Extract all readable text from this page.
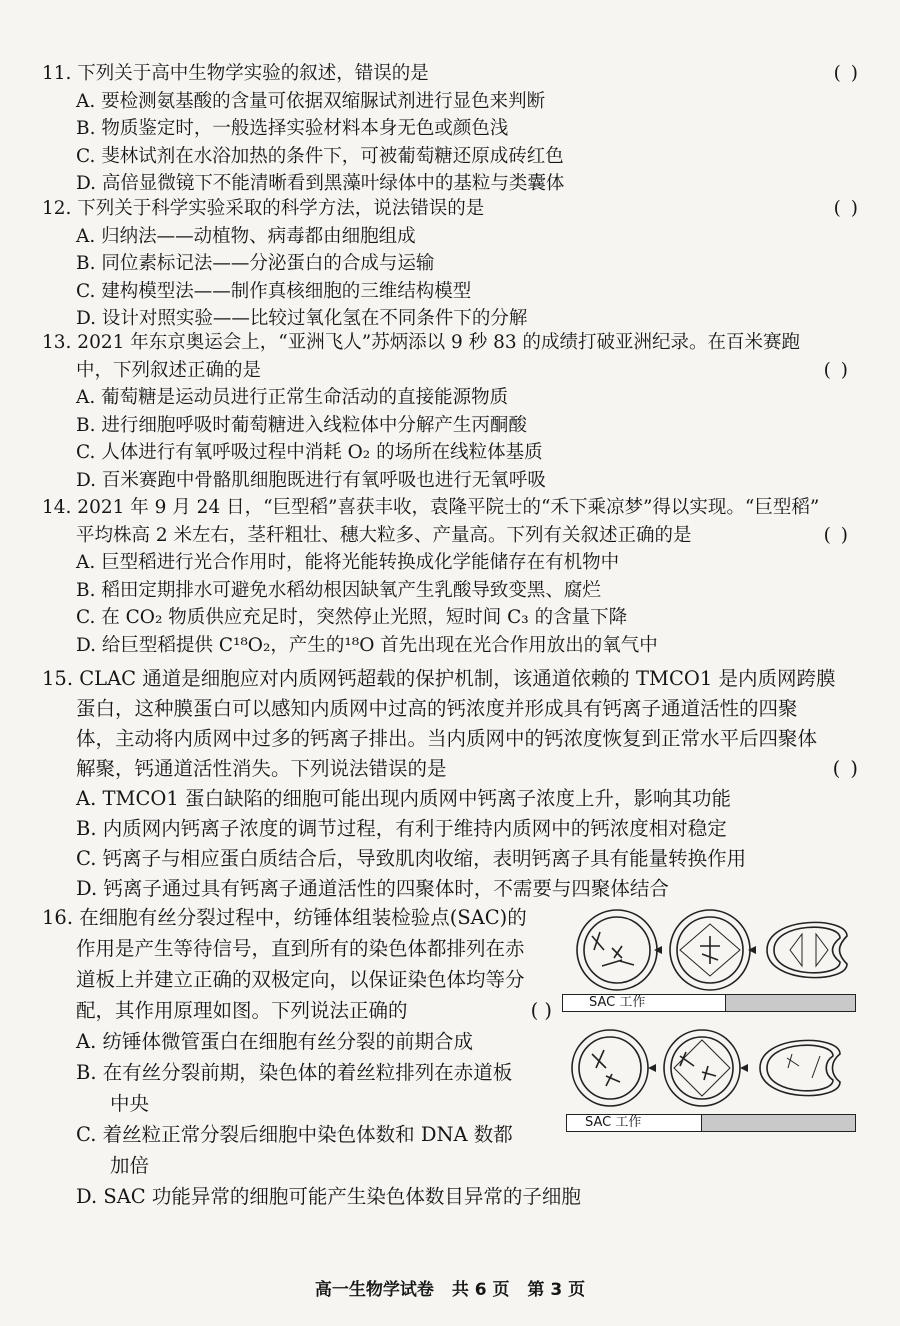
11. 下列关于高中生物学实验的叙述，错误的是	( )
A. 要检测氨基酸的含量可依据双缩脲试剂进行显色来判断
B. 物质鉴定时，一般选择实验材料本身无色或颜色浅
C. 斐林试剂在水浴加热的条件下，可被葡萄糖还原成砖红色
D. 高倍显微镜下不能清晰看到黑藻叶绿体中的基粒与类囊体
12. 下列关于科学实验采取的科学方法，说法错误的是	( )
A. 归纳法——动植物、病毒都由细胞组成
B. 同位素标记法——分泌蛋白的合成与运输
C. 建构模型法——制作真核细胞的三维结构模型
D. 设计对照实验——比较过氧化氢在不同条件下的分解
13. 2021 年东京奥运会上，“亚洲飞人”苏炳添以 9 秒 83 的成绩打破亚洲纪录。在百米赛跑
中，下列叙述正确的是	( )
A. 葡萄糖是运动员进行正常生命活动的直接能源物质
B. 进行细胞呼吸时葡萄糖进入线粒体中分解产生丙酮酸
C. 人体进行有氧呼吸过程中消耗 O₂ 的场所在线粒体基质
D. 百米赛跑中骨骼肌细胞既进行有氧呼吸也进行无氧呼吸
14. 2021 年 9 月 24 日，“巨型稻”喜获丰收，袁隆平院士的“禾下乘凉梦”得以实现。“巨型稻”
平均株高 2 米左右，茎秆粗壮、穗大粒多、产量高。下列有关叙述正确的是	( )
A. 巨型稻进行光合作用时，能将光能转换成化学能储存在有机物中
B. 稻田定期排水可避免水稻幼根因缺氧产生乳酸导致变黑、腐烂
C. 在 CO₂ 物质供应充足时，突然停止光照，短时间 C₃ 的含量下降
D. 给巨型稻提供 C¹⁸O₂，产生的¹⁸O 首先出现在光合作用放出的氧气中
15. CLAC 通道是细胞应对内质网钙超载的保护机制，该通道依赖的 TMCO1 是内质网跨膜
蛋白，这种膜蛋白可以感知内质网中过高的钙浓度并形成具有钙离子通道活性的四聚
体，主动将内质网中过多的钙离子排出。当内质网中的钙浓度恢复到正常水平后四聚体
解聚，钙通道活性消失。下列说法错误的是	( )
A. TMCO1 蛋白缺陷的细胞可能出现内质网中钙离子浓度上升，影响其功能
B. 内质网内钙离子浓度的调节过程，有利于维持内质网中的钙浓度相对稳定
C. 钙离子与相应蛋白质结合后，导致肌肉收缩，表明钙离子具有能量转换作用
D. 钙离子通过具有钙离子通道活性的四聚体时，不需要与四聚体结合
16. 在细胞有丝分裂过程中，纺锤体组装检验点(SAC)的
作用是产生等待信号，直到所有的染色体都排列在赤
道板上并建立正确的双极定向，以保证染色体均等分
配，其作用原理如图。下列说法正确的	( )
A. 纺锤体微管蛋白在细胞有丝分裂的前期合成
B. 在有丝分裂前期，染色体的着丝粒排列在赤道板
中央
C. 着丝粒正常分裂后细胞中染色体数和 DNA 数都
加倍
D. SAC 功能异常的细胞可能产生染色体数目异常的子细胞
SAC 工作
SAC 工作
高一生物学试卷 共 6 页 第 3 页
